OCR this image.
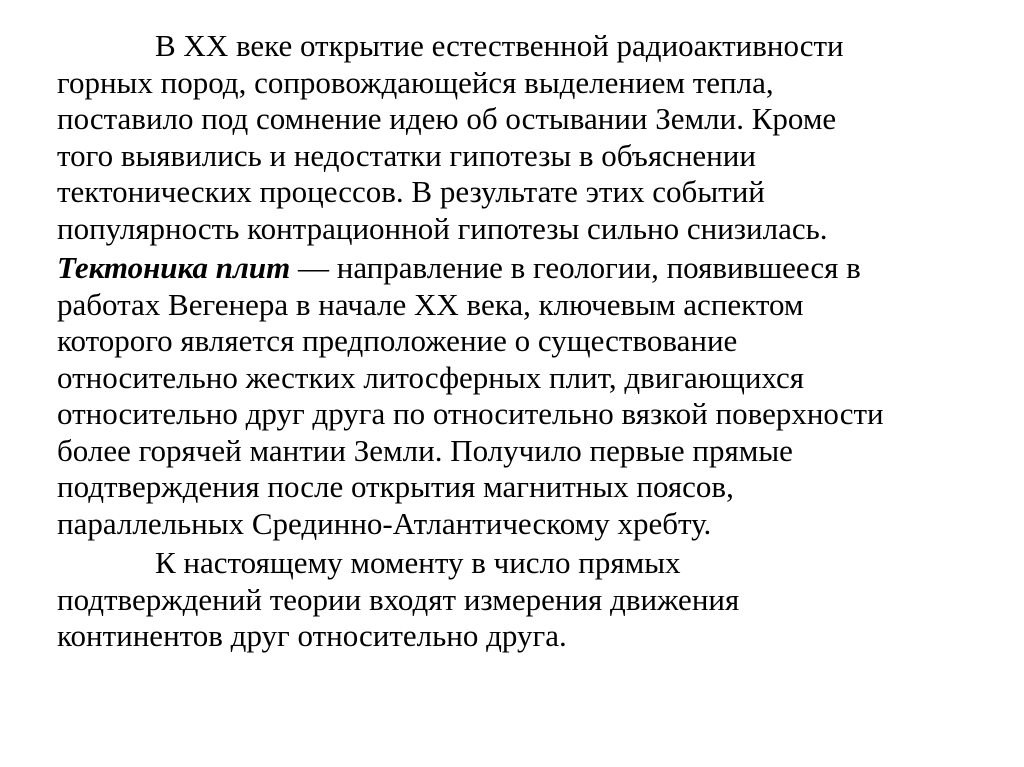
В XX веке открытие естественной радиоактивности
горных пород, сопровождающейся выделением тепла,
поставило под сомнение идею об остывании Земли. Кроме
того выявились и недостатки гипотезы в объяснении
тектонических процессов. В результате этих событий
популярность контрационной гипотезы сильно снизилась.

Тектоника плит — направление в геологии, появившееся в
работах Вегенера в начале XX века, ключевым аспектом
которого является предположение о существование
относительно жестких литосферных плит, двигающихся
относительно друг друга по относительно вязкой поверхности
более горячей мантии Земли. Получило первые прямые
подтверждения после открытия магнитных поясов,
параллельных Срединно-Атлантическому хребту.

К настоящему моменту в число прямых
подтверждений теории входят измерения движения
континентов друг относительно друга.
